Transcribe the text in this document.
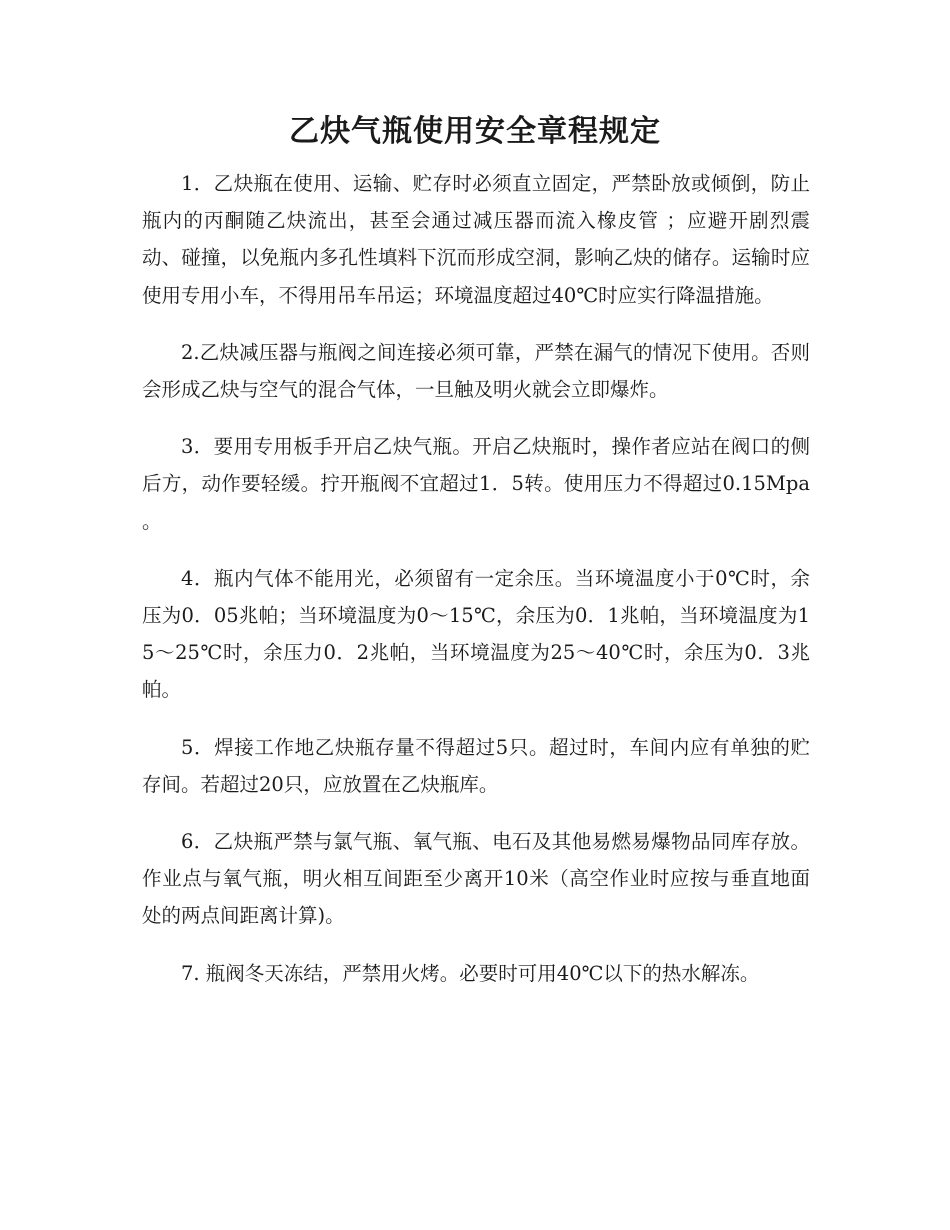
乙炔气瓶使用安全章程规定

1．乙炔瓶在使用、运输、贮存时必须直立固定，严禁卧放或倾倒，防止瓶内的丙酮随乙炔流出，甚至会通过减压器而流入橡皮管 ；应避开剧烈震动、碰撞，以免瓶内多孔性填料下沉而形成空洞，影响乙炔的储存。运输时应使用专用小车，不得用吊车吊运；环境温度超过40℃时应实行降温措施。

2.乙炔减压器与瓶阀之间连接必须可靠，严禁在漏气的情况下使用。否则会形成乙炔与空气的混合气体，一旦触及明火就会立即爆炸。

3．要用专用板手开启乙炔气瓶。开启乙炔瓶时，操作者应站在阀口的侧后方，动作要轻缓。拧开瓶阀不宜超过1．5转。使用压力不得超过0.15Mpa 。

4．瓶内气体不能用光，必须留有一定余压。当环境温度小于0℃时，余压为0．05兆帕；当环境温度为0～15℃，余压为0．1兆帕，当环境温度为15～25℃时，余压力0．2兆帕，当环境温度为25～40℃时，余压为0．3兆帕。

5．焊接工作地乙炔瓶存量不得超过5只。超过时，车间内应有单独的贮存间。若超过20只，应放置在乙炔瓶库。

6．乙炔瓶严禁与氯气瓶、氧气瓶、电石及其他易燃易爆物品同库存放。作业点与氧气瓶，明火相互间距至少离开10米（高空作业时应按与垂直地面处的两点间距离计算)。

7. 瓶阀冬天冻结，严禁用火烤。必要时可用40℃以下的热水解冻。
